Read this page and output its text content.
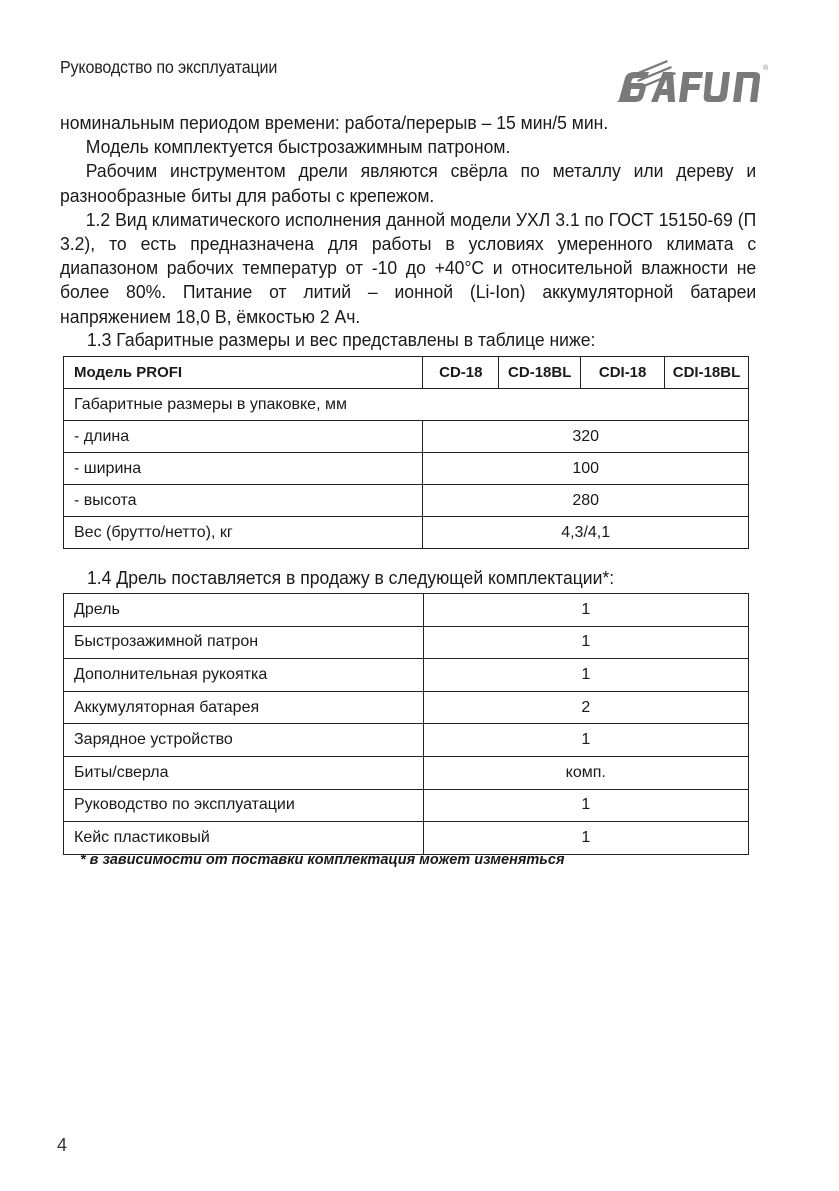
Руководство по эксплуатации	®

номинальным периодом времени: работа/перерыв – 15 мин/5 мин.

Модель комплектуется быстрозажимным патроном.

Рабочим инструментом дрели являются свёрла по металлу или дереву и разнообразные биты для работы с крепежом.

1.2 Вид климатического исполнения данной модели УХЛ 3.1 по ГОСТ 15150-69 (П 3.2), то есть предназначена для работы в условиях умеренного климата с диапазоном рабочих температур от -10 до +40°С и относительной влажности не более 80%. Питание от литий – ионной (Li-Ion) аккумуляторной батареи напряжением 18,0 В, ёмкостью 2 Ач.

1.3 Габаритные размеры и вес представлены в таблице ниже:
Модель PROFI	CD-18	CD-18BL	CDI-18	CDI-18BL
Габаритные размеры в упаковке, мм				
- длина	320			
- ширина	100			
- высота	280			
Вес (брутто/нетто), кг	4,3/4,1			
1.4 Дрель поставляется в продажу в следующей комплектации*:
Дрель	1
Быстрозажимной патрон	1
Дополнительная рукоятка	1
Аккумуляторная батарея	2
Зарядное устройство	1
Биты/сверла	комп.
Руководство по эксплуатации	1
Кейс пластиковый	1
* в зависимости от поставки комплектация может изменяться
4
